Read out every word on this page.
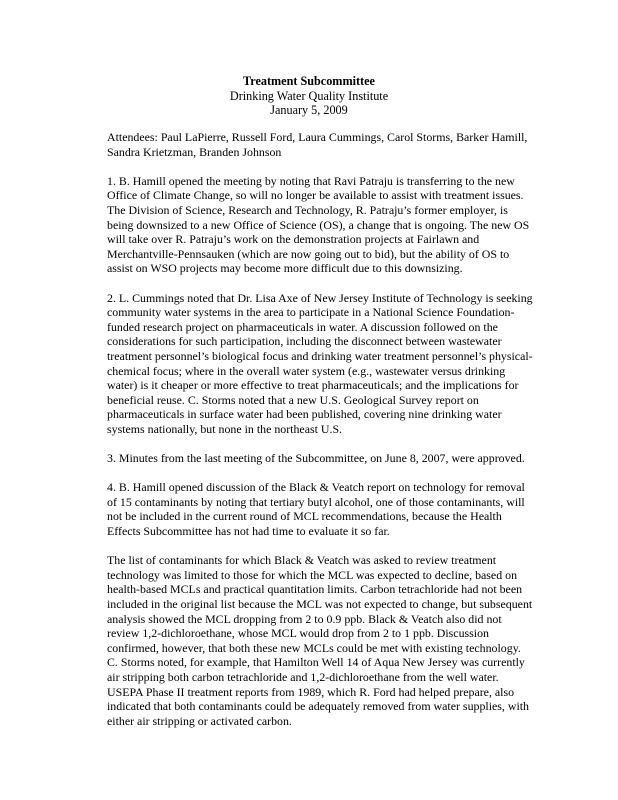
Treatment Subcommittee
Drinking Water Quality Institute
January 5, 2009
Attendees: Paul LaPierre, Russell Ford, Laura Cummings, Carol Storms, Barker Hamill,
Sandra Krietzman, Branden Johnson
1. B. Hamill opened the meeting by noting that Ravi Patraju is transferring to the new
Office of Climate Change, so will no longer be available to assist with treatment issues.
The Division of Science, Research and Technology, R. Patraju’s former employer, is
being downsized to a new Office of Science (OS), a change that is ongoing. The new OS
will take over R. Patraju’s work on the demonstration projects at Fairlawn and
Merchantville-Pennsauken (which are now going out to bid), but the ability of OS to
assist on WSO projects may become more difficult due to this downsizing.
2. L. Cummings noted that Dr. Lisa Axe of New Jersey Institute of Technology is seeking
community water systems in the area to participate in a National Science Foundation-
funded research project on pharmaceuticals in water. A discussion followed on the
considerations for such participation, including the disconnect between wastewater
treatment personnel’s biological focus and drinking water treatment personnel’s physical-
chemical focus; where in the overall water system (e.g., wastewater versus drinking
water) is it cheaper or more effective to treat pharmaceuticals; and the implications for
beneficial reuse. C. Storms noted that a new U.S. Geological Survey report on
pharmaceuticals in surface water had been published, covering nine drinking water
systems nationally, but none in the northeast U.S.
3. Minutes from the last meeting of the Subcommittee, on June 8, 2007, were approved.
4. B. Hamill opened discussion of the Black & Veatch report on technology for removal
of 15 contaminants by noting that tertiary butyl alcohol, one of those contaminants, will
not be included in the current round of MCL recommendations, because the Health
Effects Subcommittee has not had time to evaluate it so far.
The list of contaminants for which Black & Veatch was asked to review treatment
technology was limited to those for which the MCL was expected to decline, based on
health-based MCLs and practical quantitation limits. Carbon tetrachloride had not been
included in the original list because the MCL was not expected to change, but subsequent
analysis showed the MCL dropping from 2 to 0.9 ppb. Black & Veatch also did not
review 1,2-dichloroethane, whose MCL would drop from 2 to 1 ppb. Discussion
confirmed, however, that both these new MCLs could be met with existing technology.
C. Storms noted, for example, that Hamilton Well 14 of Aqua New Jersey was currently
air stripping both carbon tetrachloride and 1,2-dichloroethane from the well water.
USEPA Phase II treatment reports from 1989, which R. Ford had helped prepare, also
indicated that both contaminants could be adequately removed from water supplies, with
either air stripping or activated carbon.
